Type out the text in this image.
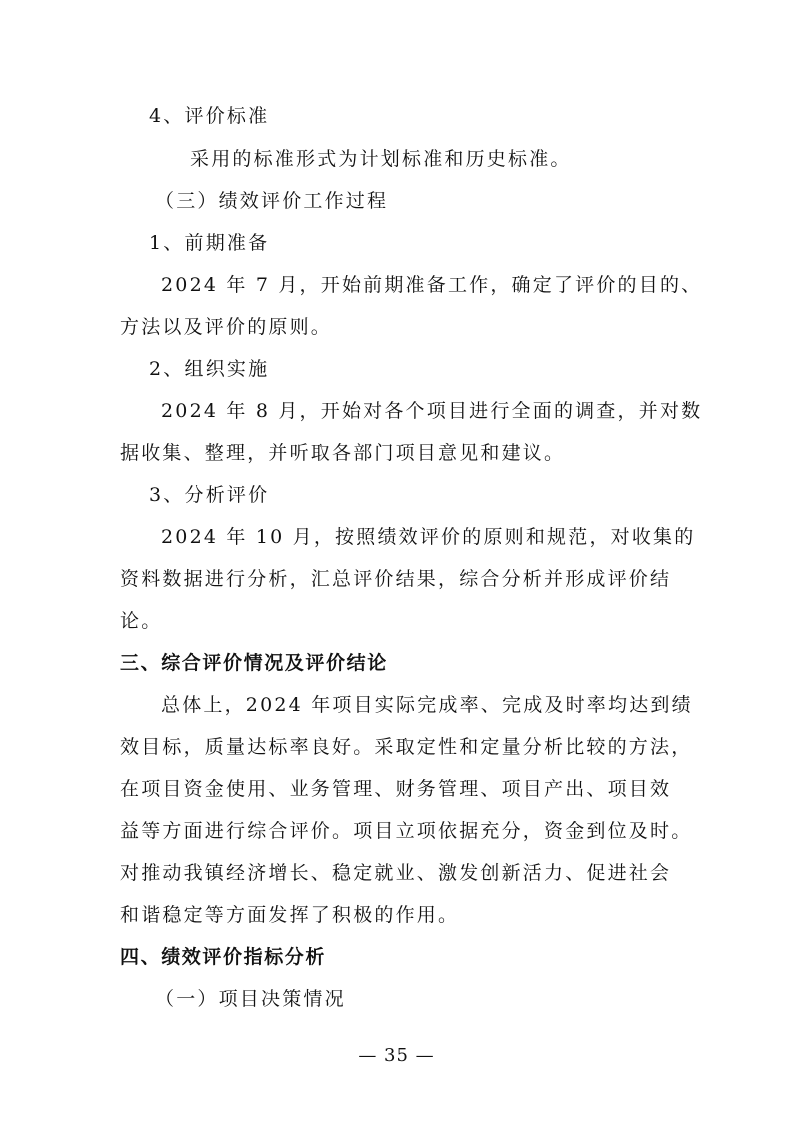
4、评价标准
采用的标准形式为计划标准和历史标准。
（三）绩效评价工作过程
1、前期准备
2024 年 7 月，开始前期准备工作，确定了评价的目的、
方法以及评价的原则。
2、组织实施
2024 年 8 月，开始对各个项目进行全面的调查，并对数
据收集、整理，并听取各部门项目意见和建议。
3、分析评价
2024 年 10 月，按照绩效评价的原则和规范，对收集的
资料数据进行分析，汇总评价结果，综合分析并形成评价结
论。
三、综合评价情况及评价结论
总体上，2024 年项目实际完成率、完成及时率均达到绩
效目标，质量达标率良好。采取定性和定量分析比较的方法，
在项目资金使用、业务管理、财务管理、项目产出、项目效
益等方面进行综合评价。项目立项依据充分，资金到位及时。
对推动我镇经济增长、稳定就业、激发创新活力、促进社会
和谐稳定等方面发挥了积极的作用。
四、绩效评价指标分析
（一）项目决策情况
— 35 —
